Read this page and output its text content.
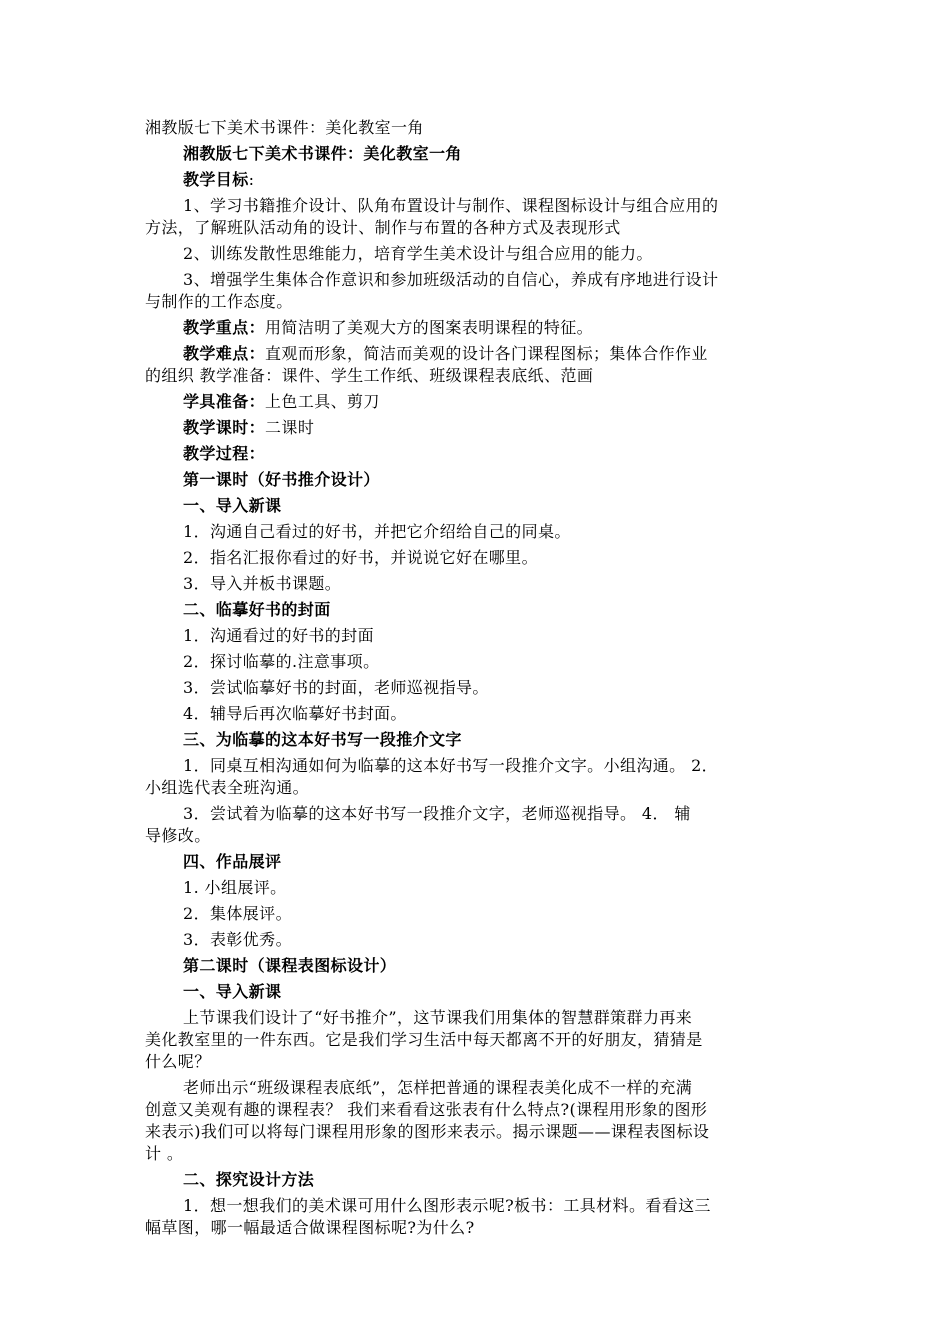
湘教版七下美术书课件：美化教室一角
湘教版七下美术书课件：美化教室一角
教学目标:
1、学习书籍推介设计、队角布置设计与制作、课程图标设计与组合应用的
方法，了解班队活动角的设计、制作与布置的各种方式及表现形式
2、训练发散性思维能力，培育学生美术设计与组合应用的能力。
3、增强学生集体合作意识和参加班级活动的自信心，养成有序地进行设计
与制作的工作态度。
教学重点：用简洁明了美观大方的图案表明课程的特征。
教学难点：直观而形象，简洁而美观的设计各门课程图标；集体合作作业
的组织 教学准备：课件、学生工作纸、班级课程表底纸、范画
学具准备：上色工具、剪刀
教学课时：二课时
教学过程：
第一课时（好书推介设计）
一、导入新课
1．沟通自己看过的好书，并把它介绍给自己的同桌。
2．指名汇报你看过的好书，并说说它好在哪里。
3．导入并板书课题。
二、临摹好书的封面
1．沟通看过的好书的封面
2．探讨临摹的.注意事项。
3．尝试临摹好书的封面，老师巡视指导。
4．辅导后再次临摹好书封面。
三、为临摹的这本好书写一段推介文字
1．同桌互相沟通如何为临摹的这本好书写一段推介文字。小组沟通。 2．
小组选代表全班沟通。
3．尝试着为临摹的这本好书写一段推介文字，老师巡视指导。 4． 辅
导修改。
四、作品展评
1. 小组展评。
2．集体展评。
3．表彰优秀。
第二课时（课程表图标设计）
一、导入新课
上节课我们设计了“好书推介”，这节课我们用集体的智慧群策群力再来
美化教室里的一件东西。它是我们学习生活中每天都离不开的好朋友，猜猜是
什么呢？
老师出示“班级课程表底纸”，怎样把普通的课程表美化成不一样的充满
创意又美观有趣的课程表？ 我们来看看这张表有什么特点?(课程用形象的图形
来表示)我们可以将每门课程用形象的图形来表示。揭示课题——课程表图标设
计 。
二、探究设计方法
1．想一想我们的美术课可用什么图形表示呢?板书：工具材料。看看这三
幅草图，哪一幅最适合做课程图标呢?为什么?
